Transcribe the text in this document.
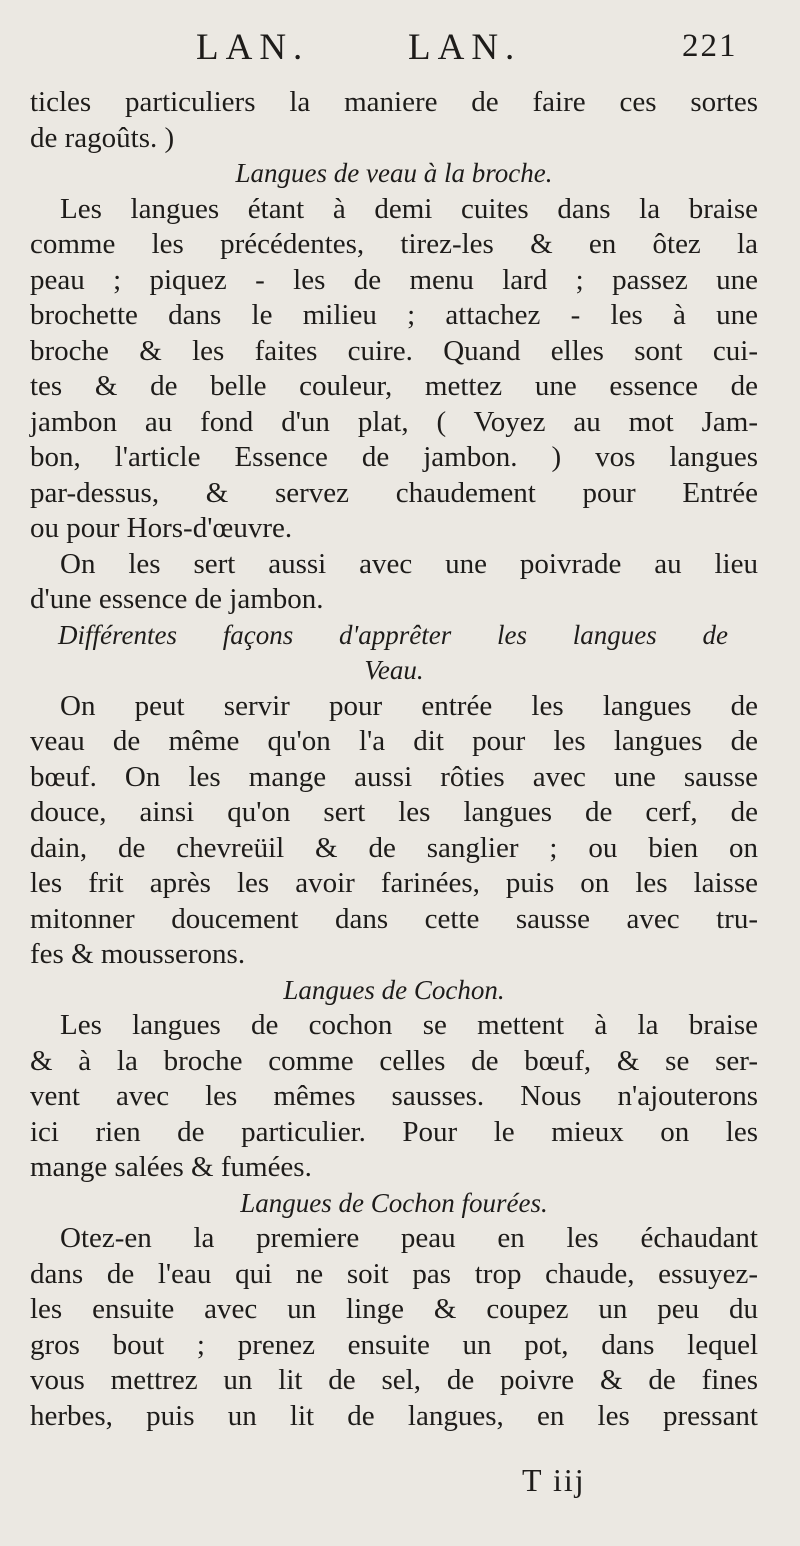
LAN.	LAN.	221
ticles particuliers la maniere de faire ces sortes
de ragoûts. )
Langues de veau à la broche.
Les langues étant à demi cuites dans la braise
comme les précédentes, tirez-les & en ôtez la
peau ; piquez - les de menu lard ; passez une
brochette dans le milieu ; attachez - les à une
broche & les faites cuire. Quand elles sont cui-
tes & de belle couleur, mettez une essence de
jambon au fond d'un plat, ( Voyez au mot Jam-
bon, l'article Essence de jambon. ) vos langues
par-dessus, & servez chaudement pour Entrée
ou pour Hors-d'œuvre.
On les sert aussi avec une poivrade au lieu
d'une essence de jambon.
Différentes façons d'apprêter les langues de
Veau.
On peut servir pour entrée les langues de
veau de même qu'on l'a dit pour les langues de
bœuf. On les mange aussi rôties avec une sausse
douce, ainsi qu'on sert les langues de cerf, de
dain, de chevreüil & de sanglier ; ou bien on
les frit après les avoir farinées, puis on les laisse
mitonner doucement dans cette sausse avec tru-
fes & mousserons.
Langues de Cochon.
Les langues de cochon se mettent à la braise
& à la broche comme celles de bœuf, & se ser-
vent avec les mêmes sausses. Nous n'ajouterons
ici rien de particulier. Pour le mieux on les
mange salées & fumées.
Langues de Cochon fourées.
Otez-en la premiere peau en les échaudant
dans de l'eau qui ne soit pas trop chaude, essuyez-
les ensuite avec un linge & coupez un peu du
gros bout ; prenez ensuite un pot, dans lequel
vous mettrez un lit de sel, de poivre & de fines
herbes, puis un lit de langues, en les pressant
T iij
